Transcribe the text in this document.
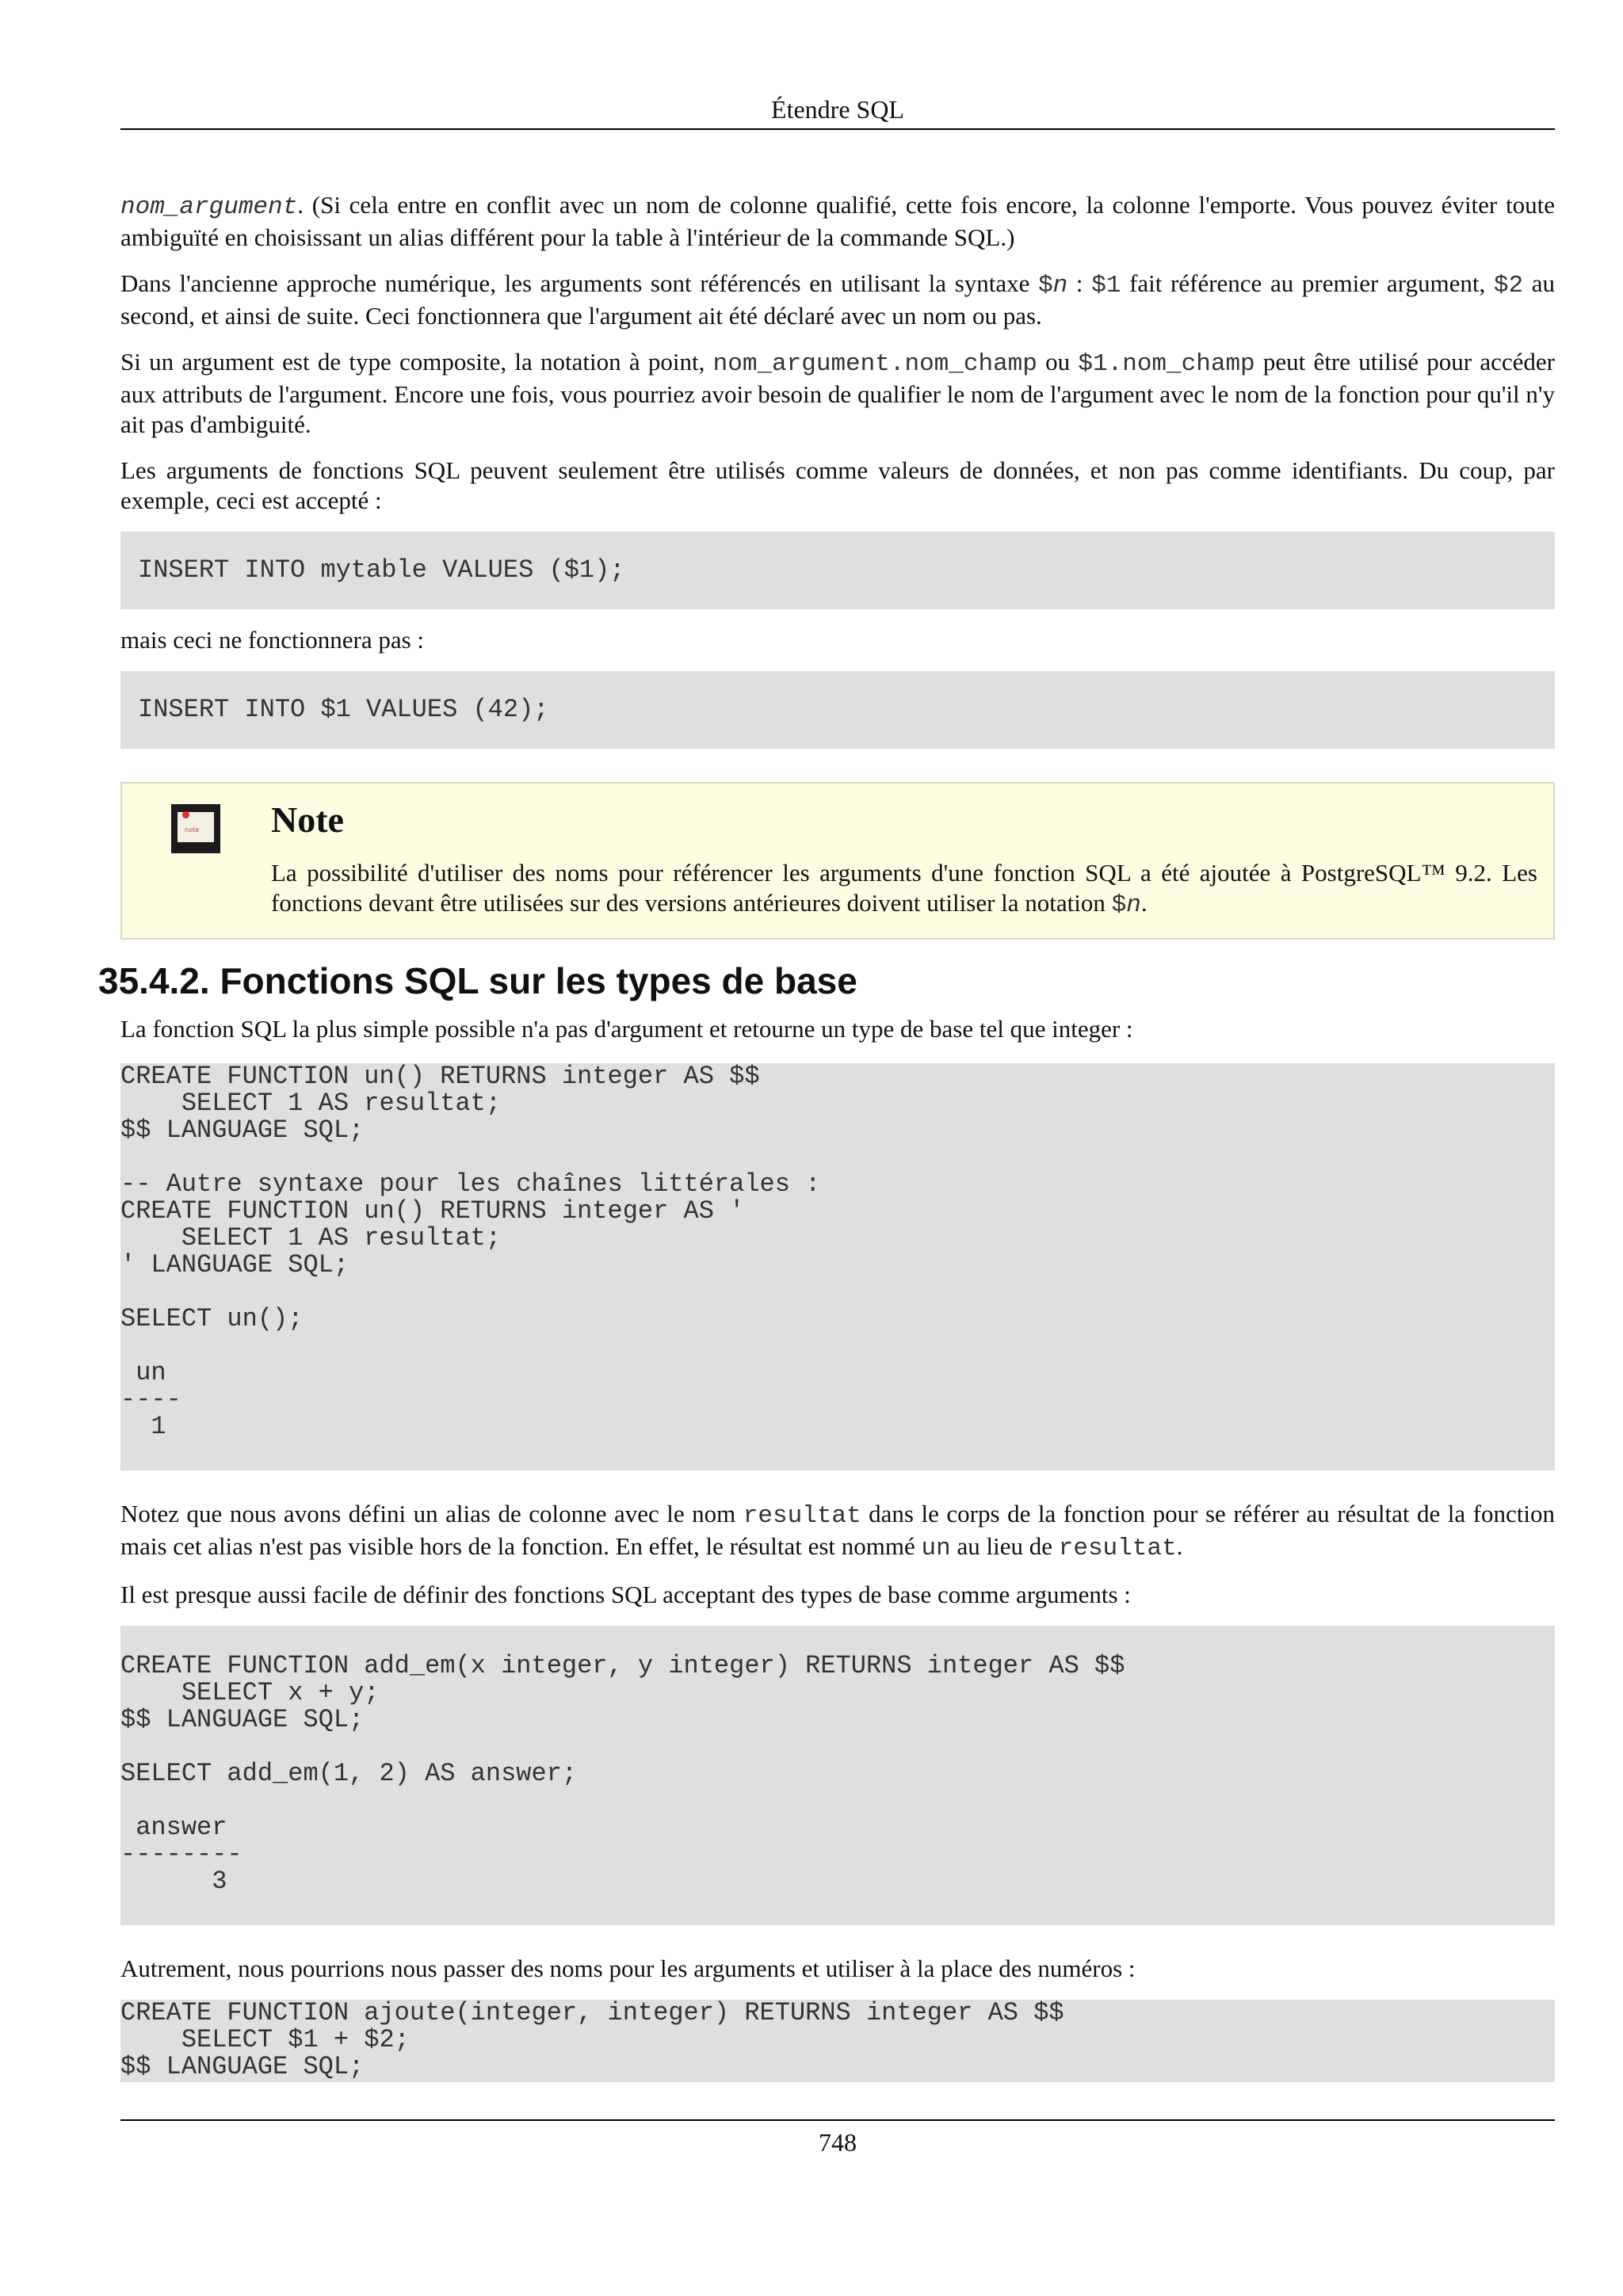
Étendre SQL

nom_argument. (Si cela entre en conflit avec un nom de colonne qualifié, cette fois encore, la colonne l'emporte. Vous pouvez éviter toute ambiguïté en choisissant un alias différent pour la table à l'intérieur de la commande SQL.)

Dans l'ancienne approche numérique, les arguments sont référencés en utilisant la syntaxe $n : $1 fait référence au premier argument, $2 au second, et ainsi de suite. Ceci fonctionnera que l'argument ait été déclaré avec un nom ou pas.

Si un argument est de type composite, la notation à point, nom_argument.nom_champ ou $1.nom_champ peut être utilisé pour accéder aux attributs de l'argument. Encore une fois, vous pourriez avoir besoin de qualifier le nom de l'argument avec le nom de la fonction pour qu'il n'y ait pas d'ambiguité.

Les arguments de fonctions SQL peuvent seulement être utilisés comme valeurs de données, et non pas comme identifiants. Du coup, par exemple, ceci est accepté :

INSERT INTO mytable VALUES ($1);

mais ceci ne fonctionnera pas :

INSERT INTO $1 VALUES (42);
note Note

La possibilité d'utiliser des noms pour référencer les arguments d'une fonction SQL a été ajoutée à PostgreSQL™ 9.2. Les fonctions devant être utilisées sur des versions antérieures doivent utiliser la notation $n.

35.4.2. Fonctions SQL sur les types de base

La fonction SQL la plus simple possible n'a pas d'argument et retourne un type de base tel que integer :

CREATE FUNCTION un() RETURNS integer AS $$
SELECT 1 AS resultat;
$$ LANGUAGE SQL;

-- Autre syntaxe pour les chaînes littérales :
CREATE FUNCTION un() RETURNS integer AS '
SELECT 1 AS resultat;
' LANGUAGE SQL;

SELECT un();

un
----
1

Notez que nous avons défini un alias de colonne avec le nom resultat dans le corps de la fonction pour se référer au résultat de la fonction mais cet alias n'est pas visible hors de la fonction. En effet, le résultat est nommé un au lieu de resultat.

Il est presque aussi facile de définir des fonctions SQL acceptant des types de base comme arguments :

CREATE FUNCTION add_em(x integer, y integer) RETURNS integer AS $$
SELECT x + y;
$$ LANGUAGE SQL;

SELECT add_em(1, 2) AS answer;

answer
--------
3

Autrement, nous pourrions nous passer des noms pour les arguments et utiliser à la place des numéros :

CREATE FUNCTION ajoute(integer, integer) RETURNS integer AS $$
SELECT $1 + $2;
$$ LANGUAGE SQL;
748
